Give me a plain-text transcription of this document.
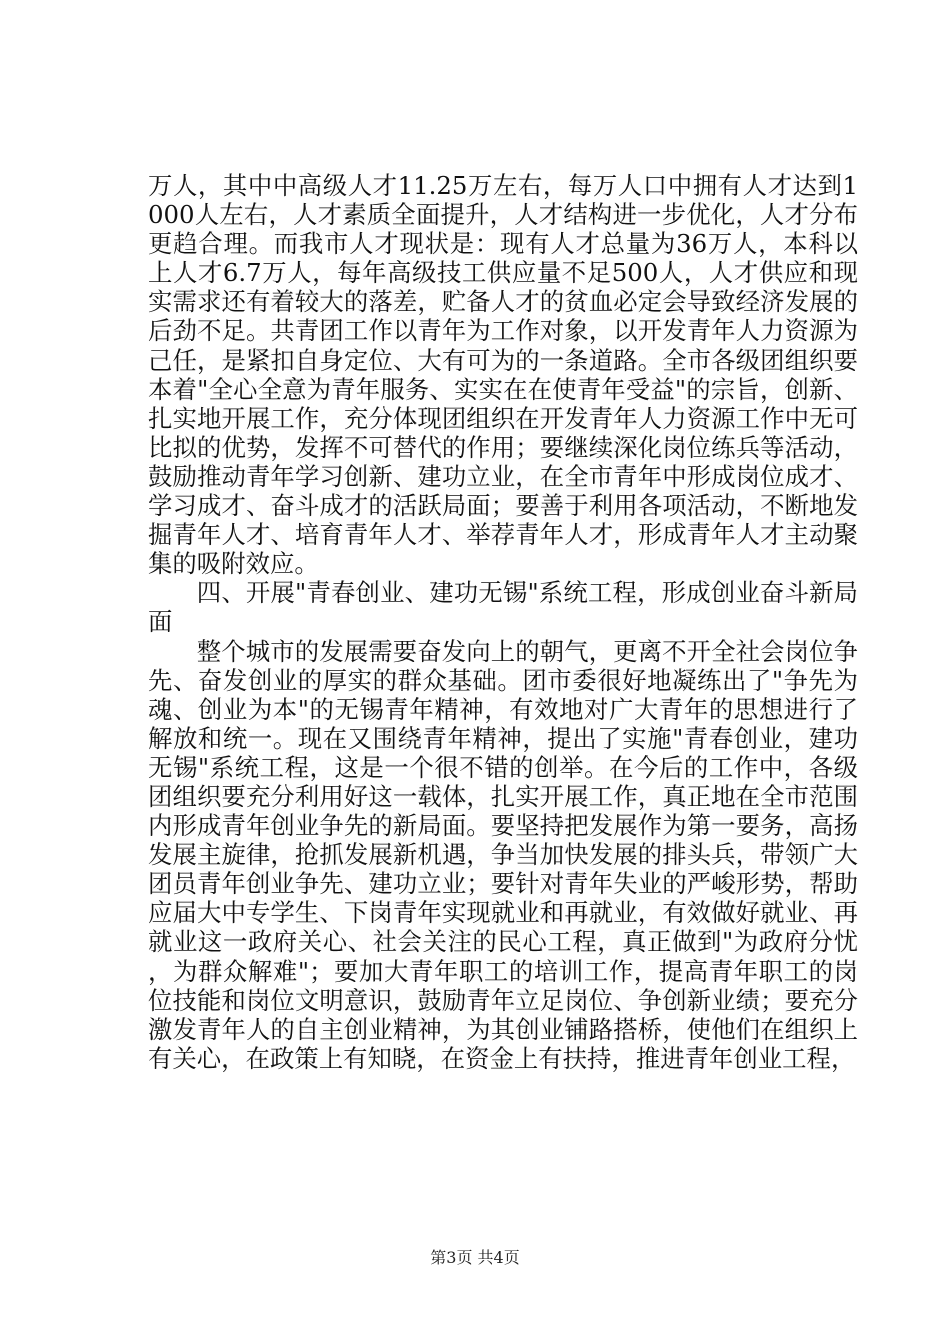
万人，其中中高级人才11.25万左右，每万人口中拥有人才达到1000人左右，人才素质全面提升，人才结构进一步优化，人才分布更趋合理。而我市人才现状是：现有人才总量为36万人，本科以上人才6.7万人，每年高级技工供应量不足500人，人才供应和现实需求还有着较大的落差，贮备人才的贫血必定会导致经济发展的后劲不足。共青团工作以青年为工作对象，以开发青年人力资源为己任，是紧扣自身定位、大有可为的一条道路。全市各级团组织要本着"全心全意为青年服务、实实在在使青年受益"的宗旨，创新、扎实地开展工作，充分体现团组织在开发青年人力资源工作中无可比拟的优势，发挥不可替代的作用；要继续深化岗位练兵等活动，鼓励推动青年学习创新、建功立业，在全市青年中形成岗位成才、学习成才、奋斗成才的活跃局面；要善于利用各项活动，不断地发掘青年人才、培育青年人才、举荐青年人才，形成青年人才主动聚集的吸附效应。

四、开展"青春创业、建功无锡"系统工程，形成创业奋斗新局面

整个城市的发展需要奋发向上的朝气，更离不开全社会岗位争先、奋发创业的厚实的群众基础。团市委很好地凝练出了"争先为魂、创业为本"的无锡青年精神，有效地对广大青年的思想进行了解放和统一。现在又围绕青年精神，提出了实施"青春创业，建功无锡"系统工程，这是一个很不错的创举。在今后的工作中，各级团组织要充分利用好这一载体，扎实开展工作，真正地在全市范围内形成青年创业争先的新局面。要坚持把发展作为第一要务，高扬发展主旋律，抢抓发展新机遇，争当加快发展的排头兵，带领广大团员青年创业争先、建功立业；要针对青年失业的严峻形势，帮助应届大中专学生、下岗青年实现就业和再就业，有效做好就业、再就业这一政府关心、社会关注的民心工程，真正做到"为政府分忧，为群众解难"；要加大青年职工的培训工作，提高青年职工的岗位技能和岗位文明意识，鼓励青年立足岗位、争创新业绩；要充分激发青年人的自主创业精神，为其创业铺路搭桥，使他们在组织上有关心，在政策上有知晓，在资金上有扶持，推进青年创业工程，

第3页 共4页
